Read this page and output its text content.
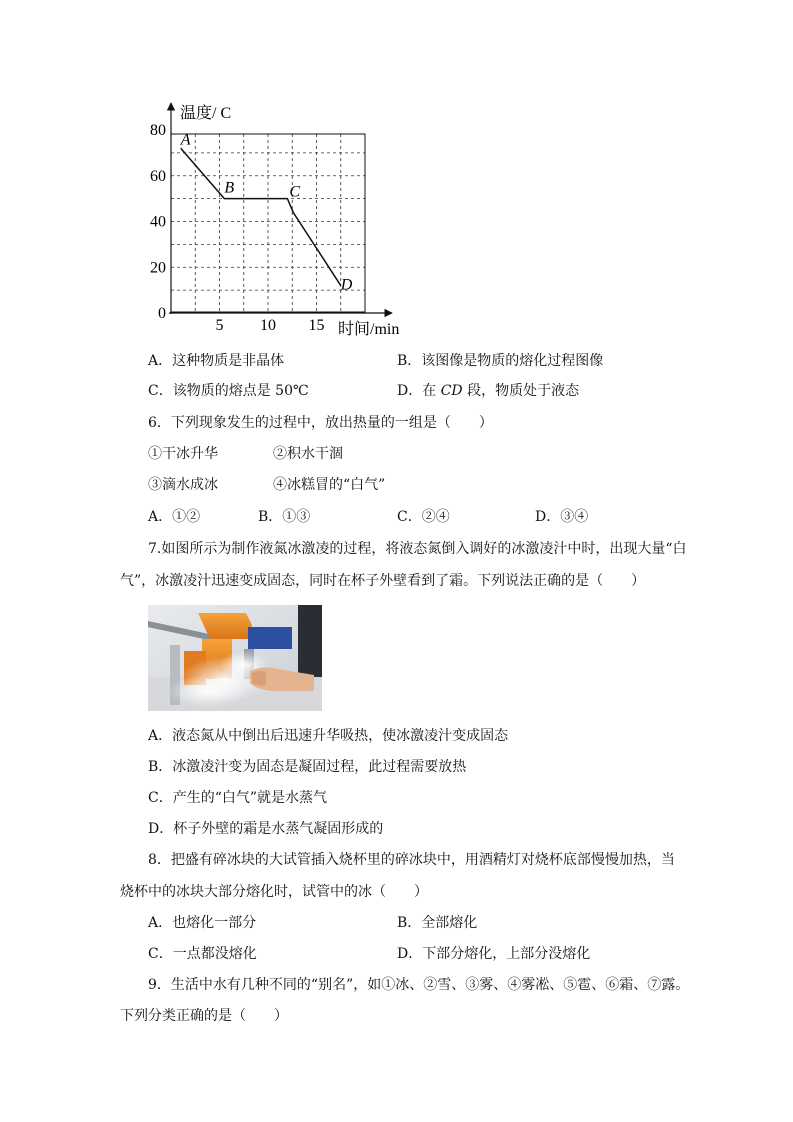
0
20
40
60
80
5 10 15
温度/ C
时间/min
A
B	C
D
A．这种物质是非晶体	B．该图像是物质的熔化过程图像
C．该物质的熔点是 50℃	D．在 CD 段，物质处于液态
6．下列现象发生的过程中，放出热量的一组是（　　）
①干冰升华	②积水干涸
③滴水成冰	④冰糕冒的“白气”
A．①②	B．①③	C．②④	D．③④
7.如图所示为制作液氮冰激凌的过程，将液态氮倒入调好的冰激凌汁中时，出现大量“白
气”，冰激凌汁迅速变成固态，同时在杯子外壁看到了霜。下列说法正确的是（　　）
A．液态氮从中倒出后迅速升华吸热，使冰激凌汁变成固态
B．冰激凌汁变为固态是凝固过程，此过程需要放热
C．产生的“白气”就是水蒸气
D．杯子外壁的霜是水蒸气凝固形成的
8．把盛有碎冰块的大试管插入烧杯里的碎冰块中，用酒精灯对烧杯底部慢慢加热，当
烧杯中的冰块大部分熔化时，试管中的冰（　　）
A．也熔化一部分	B．全部熔化
C．一点都没熔化	D．下部分熔化，上部分没熔化
9．生活中水有几种不同的“别名”，如①冰、②雪、③雾、④雾凇、⑤雹、⑥霜、⑦露。
下列分类正确的是（　　）
